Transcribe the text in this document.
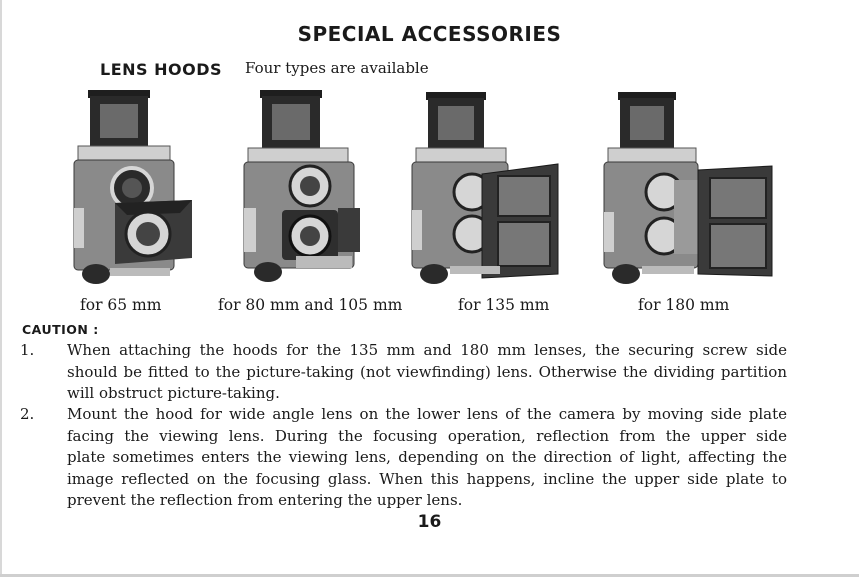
SPECIAL ACCESSORIES
LENS HOODS Four types are available
for 65 mm	for 80 mm and 105 mm	for 135 mm	for 180 mm
CAUTION :
1. When attaching the hoods for the 135 mm and 180 mm lenses, the securing screw side
should be fitted to the picture-taking (not viewfinding) lens. Otherwise the dividing partition
will obstruct picture-taking.
2. Mount the hood for wide angle lens on the lower lens of the camera by moving side plate
facing the viewing lens. During the focusing operation, reflection from the upper side
plate sometimes enters the viewing lens, depending on the direction of light, affecting the
image reflected on the focusing glass. When this happens, incline the upper side plate to
prevent the reflection from entering the upper lens.
16
